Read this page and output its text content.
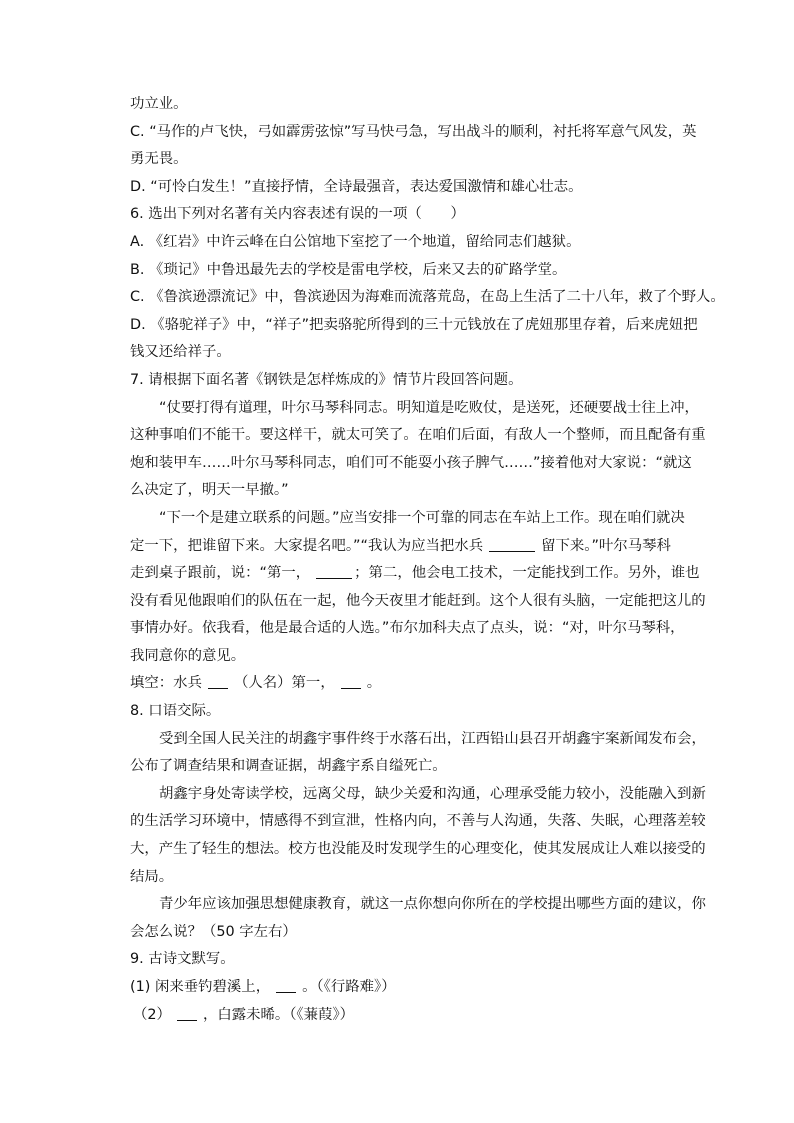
功立业。
C. “马作的卢飞快，弓如霹雳弦惊”写马快弓急，写出战斗的顺利，衬托将军意气风发，英
勇无畏。
D. “可怜白发生！”直接抒情，全诗最强音，表达爱国激情和雄心壮志。
6. 选出下列对名著有关内容表述有误的一项（　　）
A. 《红岩》中许云峰在白公馆地下室挖了一个地道，留给同志们越狱。
B. 《琐记》中鲁迅最先去的学校是雷电学校，后来又去的矿路学堂。
C. 《鲁滨逊漂流记》中，鲁滨逊因为海难而流落荒岛，在岛上生活了二十八年，救了个野人。
D. 《骆驼祥子》中，“祥子”把卖骆驼所得到的三十元钱放在了虎妞那里存着，后来虎妞把
钱又还给祥子。
7. 请根据下面名著《钢铁是怎样炼成的》情节片段回答问题。
“仗要打得有道理，叶尔马琴科同志。明知道是吃败仗，是送死，还硬要战士往上冲，
这种事咱们不能干。要这样干，就太可笑了。在咱们后面，有敌人一个整师，而且配备有重
炮和装甲车……叶尔马琴科同志，咱们可不能耍小孩子脾气……”接着他对大家说：“就这
么决定了，明天一早撤。”
“下一个是建立联系的问题。”应当安排一个可靠的同志在车站上工作。现在咱们就决
定一下，把谁留下来。大家提名吧。”“我认为应当把水兵	留下来。”叶尔马琴科
走到桌子跟前，说：“第一，	；第二，他会电工技术，一定能找到工作。另外，谁也
没有看见他跟咱们的队伍在一起，他今天夜里才能赶到。这个人很有头脑，一定能把这儿的
事情办好。依我看，他是最合适的人选。”布尔加科夫点了点头，说：“对，叶尔马琴科，
我同意你的意见。
填空：水兵 （人名）第一， 。
8. 口语交际。
受到全国人民关注的胡鑫宇事件终于水落石出，江西铅山县召开胡鑫宇案新闻发布会，
公布了调查结果和调查证据，胡鑫宇系自缢死亡。
胡鑫宇身处寄读学校，远离父母，缺少关爱和沟通，心理承受能力较小，没能融入到新
的生活学习环境中，情感得不到宣泄，性格内向，不善与人沟通，失落、失眠，心理落差较
大，产生了轻生的想法。校方也没能及时发现学生的心理变化，使其发展成让人难以接受的
结局。
青少年应该加强思想健康教育，就这一点你想向你所在的学校提出哪些方面的建议，你
会怎么说？（50 字左右）
9. 古诗文默写。
(1) 闲来垂钓碧溪上， 。（《行路难》）
（2） ，白露未晞。（《蒹葭》）
